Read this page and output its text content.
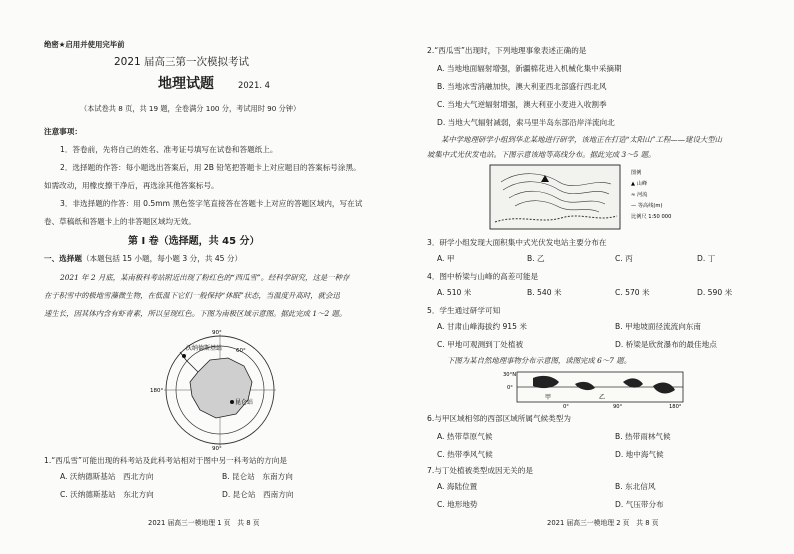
绝密★启用并使用完毕前
2021 届高三第一次模拟考试
地理试题	2021. 4
（本试卷共 8 页，共 19 题，全卷满分 100 分，考试用时 90 分钟）
注意事项：
1．答卷前，先将自己的姓名、准考证号填写在试卷和答题纸上。
2．选择题的作答：每小题选出答案后，用 2B 铅笔把答题卡上对应题目的答案标号涂黑。
如需改动，用橡皮擦干净后，再选涂其他答案标号。
3．非选择题的作答：用 0.5mm 黑色签字笔直接答在答题卡上对应的答题区域内，写在试
卷、草稿纸和答题卡上的非答题区域均无效。
第 I 卷（选择题，共 45 分）
一、选择题（本题包括 15 小题，每小题 3 分，共 45 分）
2021 年 2 月底，某南极科考站附近出现了粉红色的“西瓜雪”。经科学研究，这是一种存
在于积雪中的极地雪藻微生物，在低温下它们一般保持“休眠”状态，当温度升高时，就会迅
速生长，因其体内含有虾青素，所以呈现红色。下图为南极区域示意图。据此完成 1～2 题。
沃纳德斯基站
昆仑站
90°
90°
180°
60°
1.“西瓜雪”可能出现的科考站及此科考站相对于图中另一科考站的方向是
A. 沃纳德斯基站　西北方向	B. 昆仑站　东南方向
C. 沃纳德斯基站　东北方向	D. 昆仑站　西南方向
2021 届高三一模地理 1 页　共 8 页
2.“西瓜雪”出现时，下列地理事象表述正确的是
A. 当地地面辐射增强，新疆棉花进入机械化集中采摘期
B. 当地冰雪消融加快，澳大利亚西北部盛行西北风
C. 当地大气逆辐射增强，澳大利亚小麦进入收割季
D. 当地大气辐射减弱，索马里半岛东部沿岸洋流向北
某中学地理研学小组到华北某地进行研学，该地正在打造“太阳山”工程——建设大型山
坡集中式光伏发电站。下图示意该地等高线分布。据此完成 3～5 题。
图例
▲ 山峰
≈ 河流
— 等高线(m)
比例尺 1:50 000
3．研学小组发现大面积集中式光伏发电站主要分布在
A. 甲	B. 乙	C. 丙	D. 丁
4．图中桥梁与山峰的高差可能是
A. 510 米	B. 540 米	C. 570 米	D. 590 米
5．学生通过研学可知
A. 甘肃山峰海拔约 915 米	B. 甲地坡面径流流向东南
C. 甲地可观测到丁处植被	D. 桥梁是欣赏瀑布的最佳地点
下图为某自然地理事物分布示意图，读图完成 6～7 题。
30°N
0°
0°	90°	180°
甲	乙
6.与甲区域相邻的西部区域所属气候类型为
A. 热带草原气候	B. 热带雨林气候
C. 热带季风气候	D. 地中海气候
7.与丁处植被类型成因无关的是
A. 海陆位置	B. 东北信风
C. 地形地势	D. 气压带分布
2021 届高三一模地理 2 页　共 8 页
